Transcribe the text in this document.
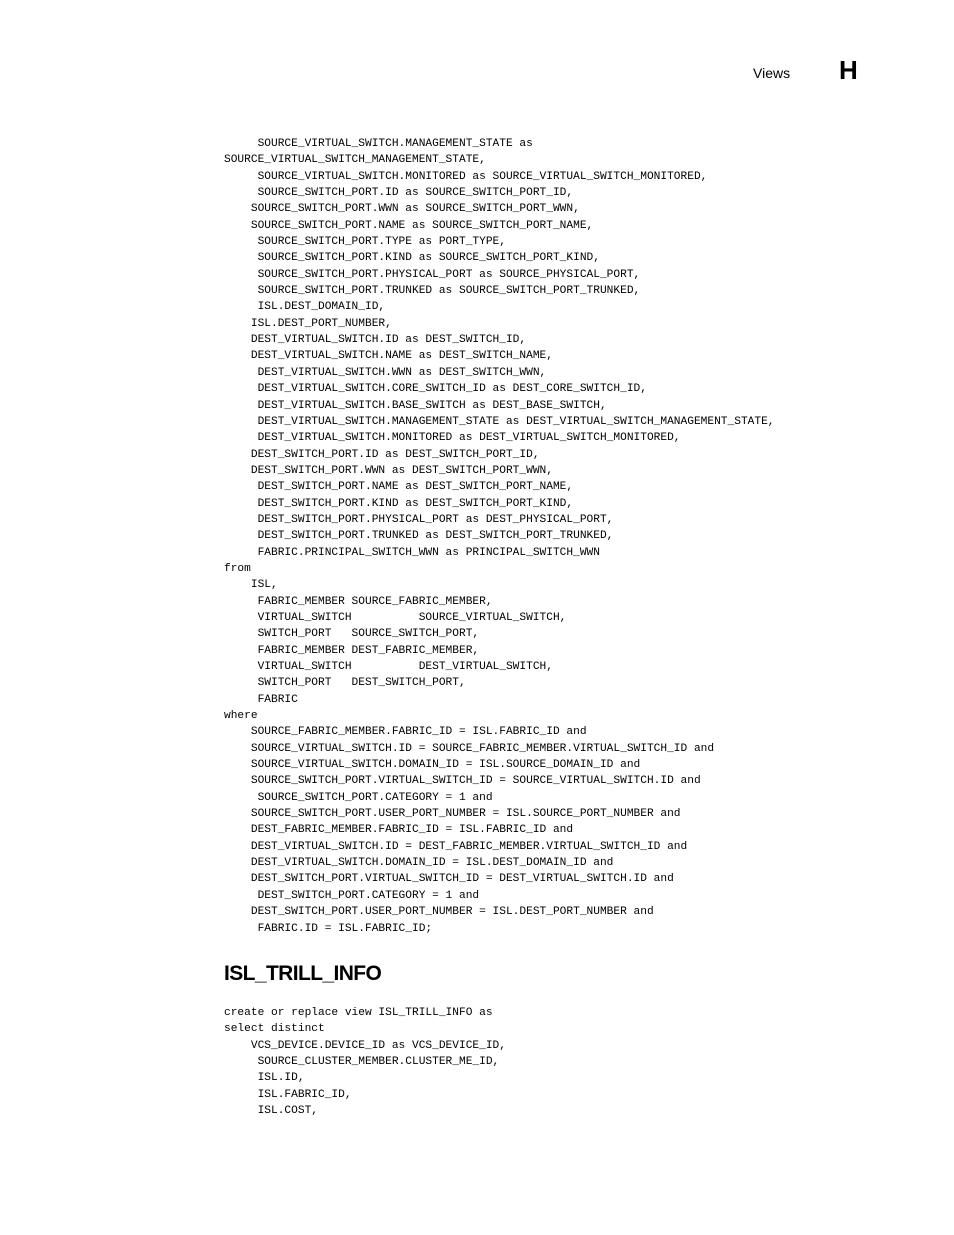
Views H
SOURCE_VIRTUAL_SWITCH.MANAGEMENT_STATE as
SOURCE_VIRTUAL_SWITCH_MANAGEMENT_STATE,
SOURCE_VIRTUAL_SWITCH.MONITORED as SOURCE_VIRTUAL_SWITCH_MONITORED,
SOURCE_SWITCH_PORT.ID as SOURCE_SWITCH_PORT_ID,
SOURCE_SWITCH_PORT.WWN as SOURCE_SWITCH_PORT_WWN,
SOURCE_SWITCH_PORT.NAME as SOURCE_SWITCH_PORT_NAME,
SOURCE_SWITCH_PORT.TYPE as PORT_TYPE,
SOURCE_SWITCH_PORT.KIND as SOURCE_SWITCH_PORT_KIND,
SOURCE_SWITCH_PORT.PHYSICAL_PORT as SOURCE_PHYSICAL_PORT,
SOURCE_SWITCH_PORT.TRUNKED as SOURCE_SWITCH_PORT_TRUNKED,
ISL.DEST_DOMAIN_ID,
ISL.DEST_PORT_NUMBER,
DEST_VIRTUAL_SWITCH.ID as DEST_SWITCH_ID,
DEST_VIRTUAL_SWITCH.NAME as DEST_SWITCH_NAME,
DEST_VIRTUAL_SWITCH.WWN as DEST_SWITCH_WWN,
DEST_VIRTUAL_SWITCH.CORE_SWITCH_ID as DEST_CORE_SWITCH_ID,
DEST_VIRTUAL_SWITCH.BASE_SWITCH as DEST_BASE_SWITCH,
DEST_VIRTUAL_SWITCH.MANAGEMENT_STATE as DEST_VIRTUAL_SWITCH_MANAGEMENT_STATE,
DEST_VIRTUAL_SWITCH.MONITORED as DEST_VIRTUAL_SWITCH_MONITORED,
DEST_SWITCH_PORT.ID as DEST_SWITCH_PORT_ID,
DEST_SWITCH_PORT.WWN as DEST_SWITCH_PORT_WWN,
DEST_SWITCH_PORT.NAME as DEST_SWITCH_PORT_NAME,
DEST_SWITCH_PORT.KIND as DEST_SWITCH_PORT_KIND,
DEST_SWITCH_PORT.PHYSICAL_PORT as DEST_PHYSICAL_PORT,
DEST_SWITCH_PORT.TRUNKED as DEST_SWITCH_PORT_TRUNKED,
FABRIC.PRINCIPAL_SWITCH_WWN as PRINCIPAL_SWITCH_WWN
from
ISL,
FABRIC_MEMBER SOURCE_FABRIC_MEMBER,
VIRTUAL_SWITCH          SOURCE_VIRTUAL_SWITCH,
SWITCH_PORT   SOURCE_SWITCH_PORT,
FABRIC_MEMBER DEST_FABRIC_MEMBER,
VIRTUAL_SWITCH          DEST_VIRTUAL_SWITCH,
SWITCH_PORT   DEST_SWITCH_PORT,
FABRIC
where
SOURCE_FABRIC_MEMBER.FABRIC_ID = ISL.FABRIC_ID and
SOURCE_VIRTUAL_SWITCH.ID = SOURCE_FABRIC_MEMBER.VIRTUAL_SWITCH_ID and
SOURCE_VIRTUAL_SWITCH.DOMAIN_ID = ISL.SOURCE_DOMAIN_ID and
SOURCE_SWITCH_PORT.VIRTUAL_SWITCH_ID = SOURCE_VIRTUAL_SWITCH.ID and
SOURCE_SWITCH_PORT.CATEGORY = 1 and
SOURCE_SWITCH_PORT.USER_PORT_NUMBER = ISL.SOURCE_PORT_NUMBER and
DEST_FABRIC_MEMBER.FABRIC_ID = ISL.FABRIC_ID and
DEST_VIRTUAL_SWITCH.ID = DEST_FABRIC_MEMBER.VIRTUAL_SWITCH_ID and
DEST_VIRTUAL_SWITCH.DOMAIN_ID = ISL.DEST_DOMAIN_ID and
DEST_SWITCH_PORT.VIRTUAL_SWITCH_ID = DEST_VIRTUAL_SWITCH.ID and
DEST_SWITCH_PORT.CATEGORY = 1 and
DEST_SWITCH_PORT.USER_PORT_NUMBER = ISL.DEST_PORT_NUMBER and
FABRIC.ID = ISL.FABRIC_ID;
ISL_TRILL_INFO
create or replace view ISL_TRILL_INFO as
select distinct
VCS_DEVICE.DEVICE_ID as VCS_DEVICE_ID,
SOURCE_CLUSTER_MEMBER.CLUSTER_ME_ID,
ISL.ID,
ISL.FABRIC_ID,
ISL.COST,
